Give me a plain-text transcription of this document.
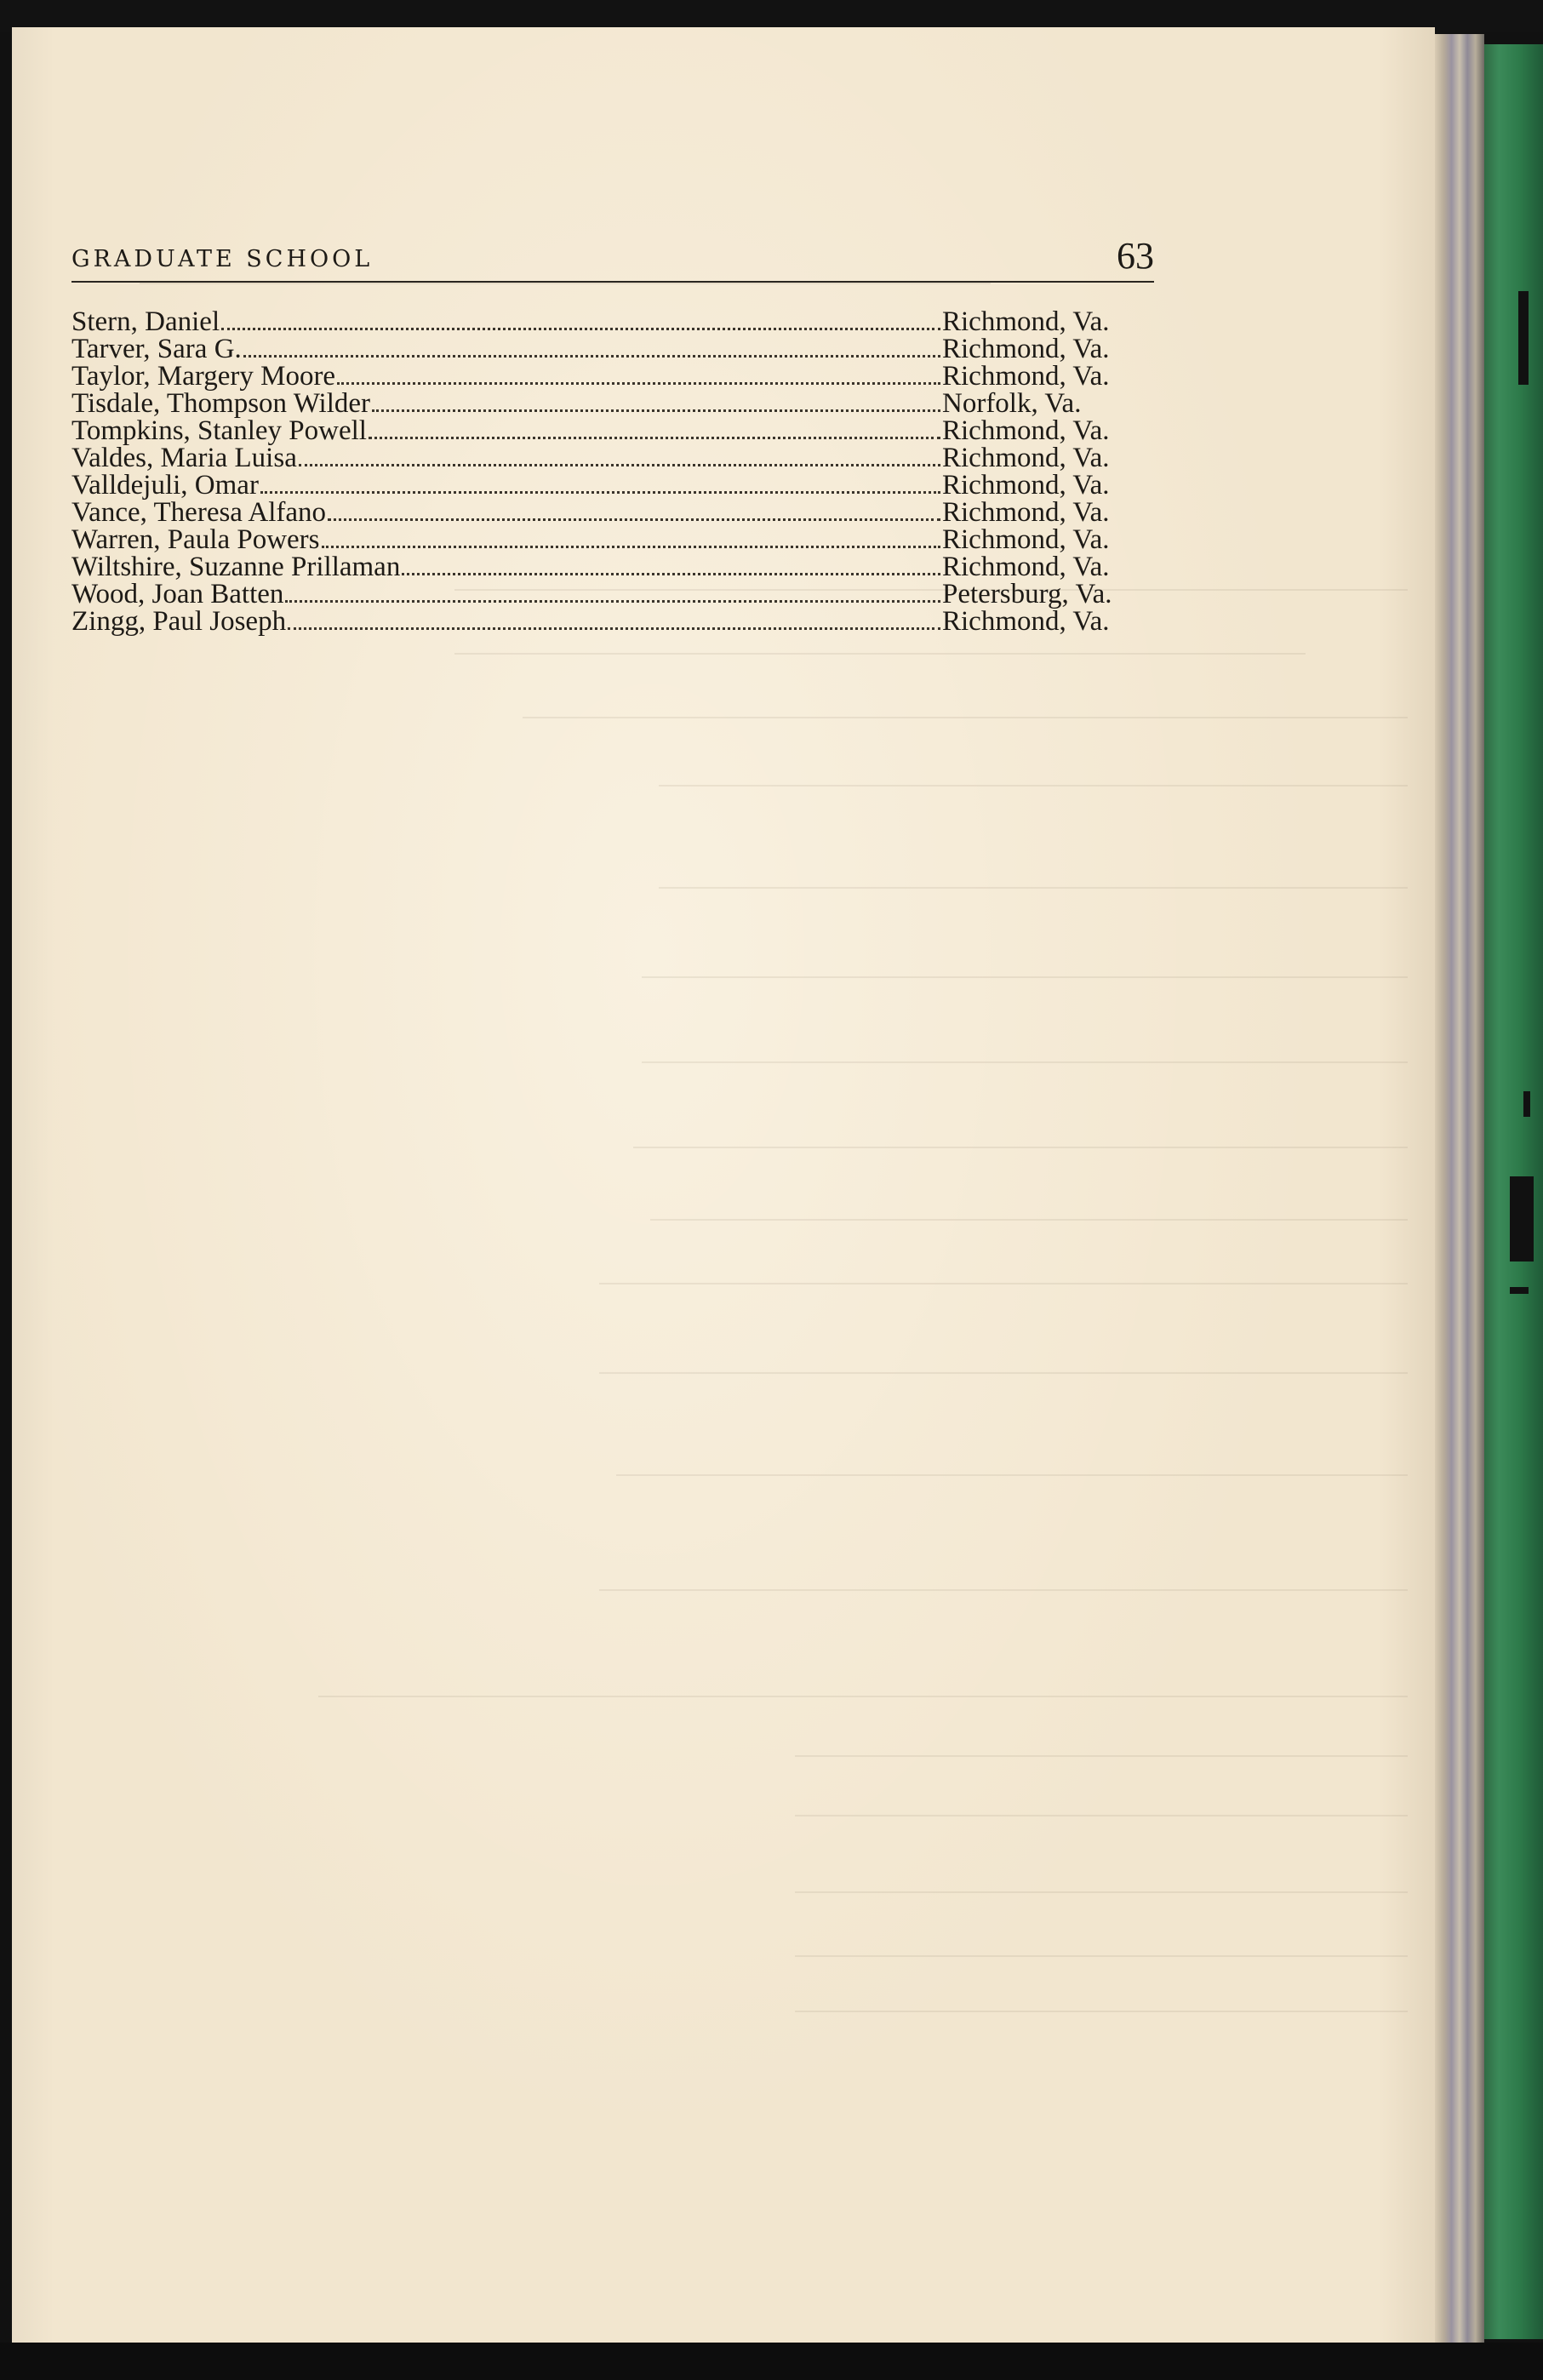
GRADUATE SCHOOL	63
Stern, Daniel	Richmond, Va.
Tarver, Sara G.	Richmond, Va.
Taylor, Margery Moore	Richmond, Va.
Tisdale, Thompson Wilder	Norfolk, Va.
Tompkins, Stanley Powell	Richmond, Va.
Valdes, Maria Luisa	Richmond, Va.
Valldejuli, Omar	Richmond, Va.
Vance, Theresa Alfano	Richmond, Va.
Warren, Paula Powers	Richmond, Va.
Wiltshire, Suzanne Prillaman	Richmond, Va.
Wood, Joan Batten	Petersburg, Va.
Zingg, Paul Joseph	Richmond, Va.
